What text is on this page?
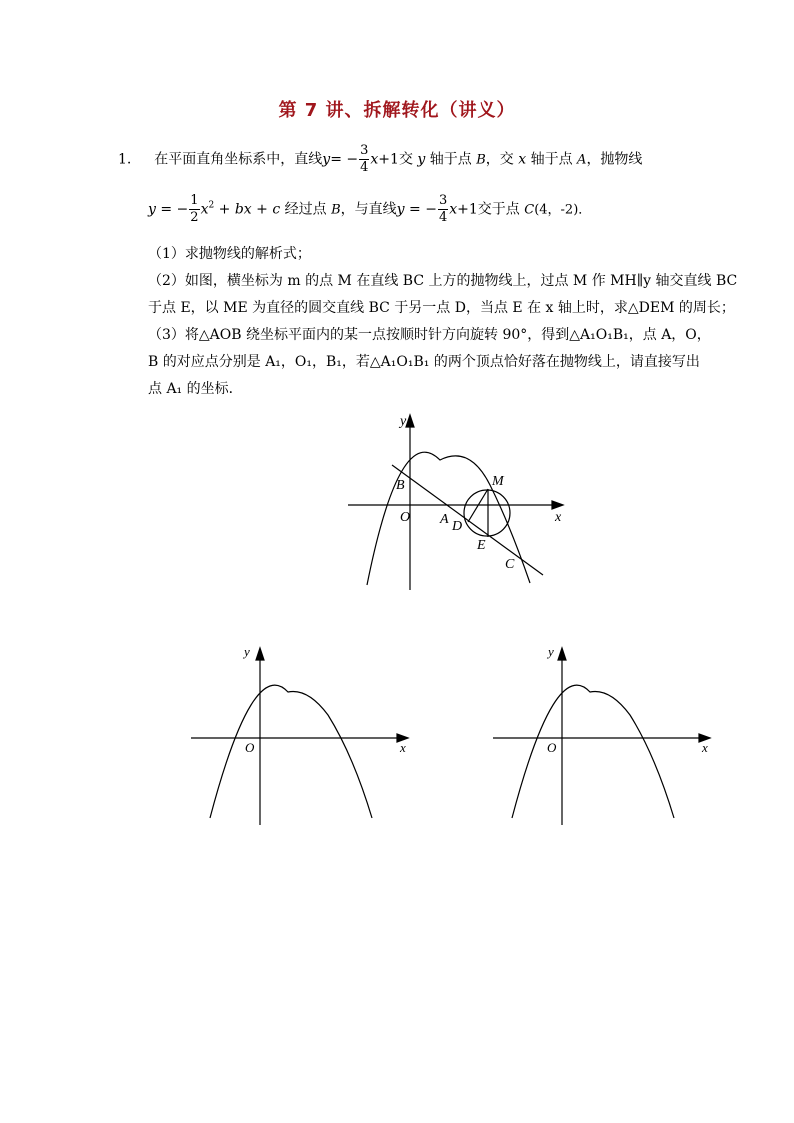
第 7 讲、拆解转化（讲义）
1. 在平面直角坐标系中，直线$y= - \frac{3}{4} x+1$交 y 轴于点 B，交 x 轴于点 A，抛物线
y = − $\frac{1}{2} x^2$ + bx + c 经过点 B，与直线y = − $\frac{3}{4} x+1$交于点 C(4，-2)．
（1）求抛物线的解析式；
（2）如图，横坐标为 m 的点 M 在直线 BC 上方的抛物线上，过点 M 作 MH∥y 轴交直线 BC
于点 E，以 ME 为直径的圆交直线 BC 于另一点 D，当点 E 在 x 轴上时，求△DEM 的周长；
（3）将△AOB 绕坐标平面内的某一点按顺时针方向旋转 90°，得到△A₁O₁B₁，点 A，O，
B 的对应点分别是 A₁，O₁，B₁，若△A₁O₁B₁ 的两个顶点恰好落在抛物线上，请直接写出
点 A₁ 的坐标．
y
x
B
O A D
M
E
C
y
x
O
y
x
O
